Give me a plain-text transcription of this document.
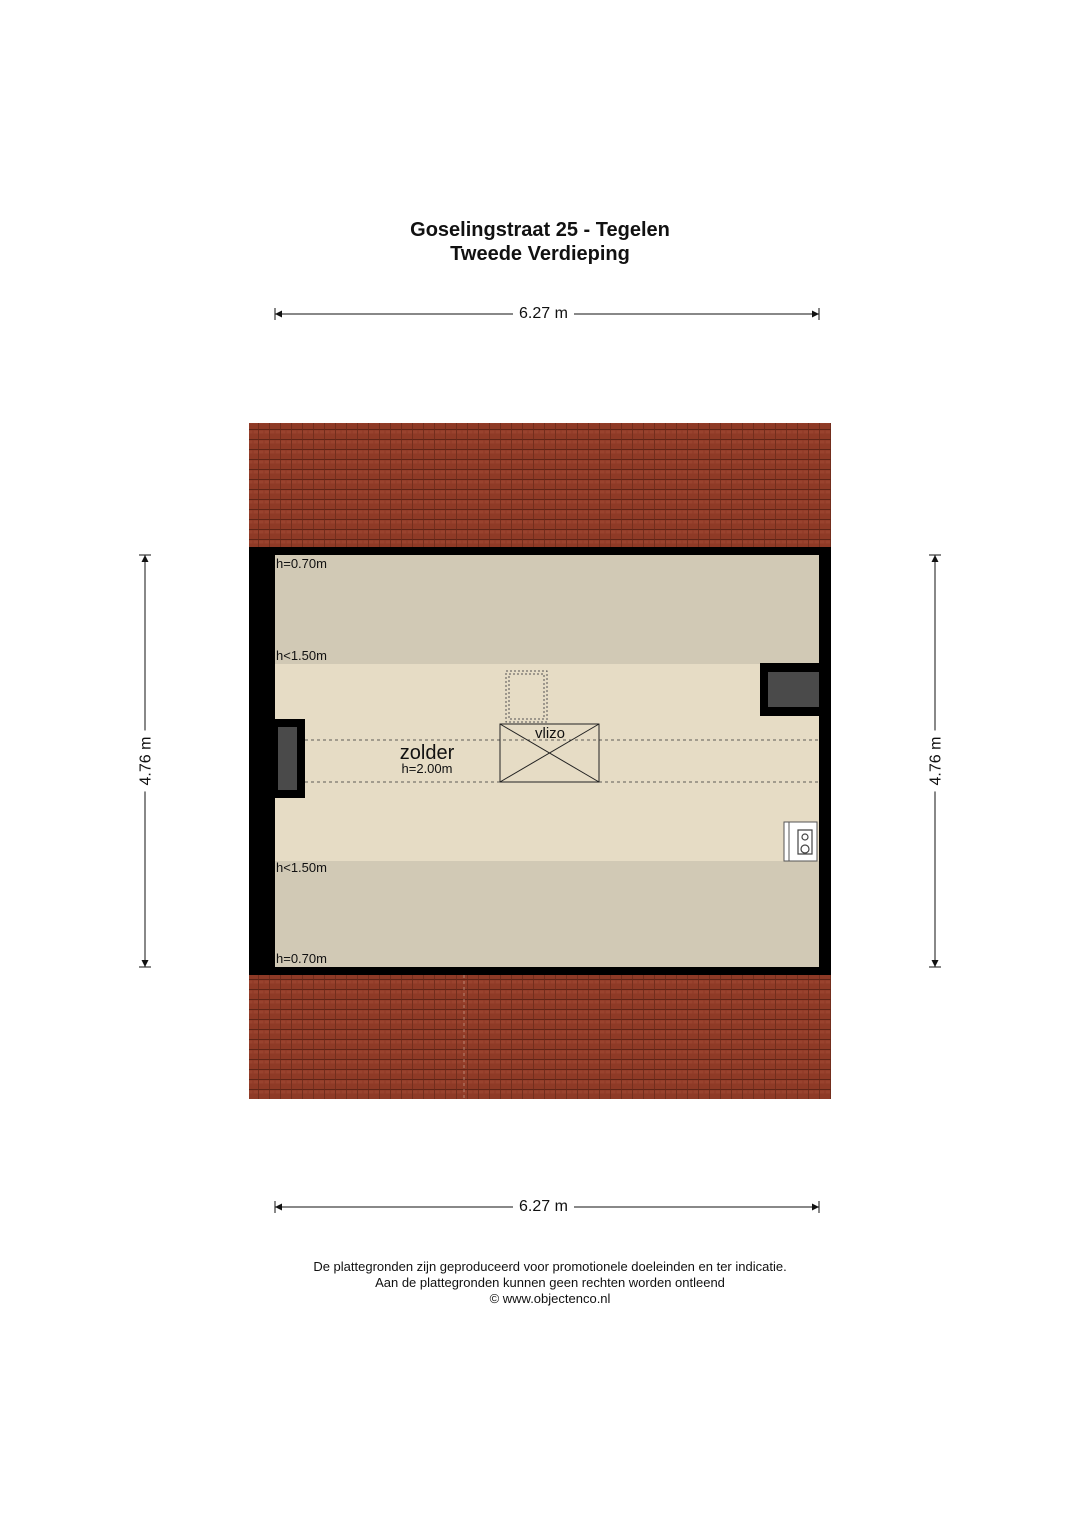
Goselingstraat 25 - Tegelen
Tweede Verdieping
h=0.70m
h<1.50m
h<1.50m
h=0.70m
zolder
h=2.00m
vlizo
6.27 m
6.27 m
4.76 m	4.76 m
De plattegronden zijn geproduceerd voor promotionele doeleinden en ter indicatie.
Aan de plattegronden kunnen geen rechten worden ontleend
© www.objectenco.nl
